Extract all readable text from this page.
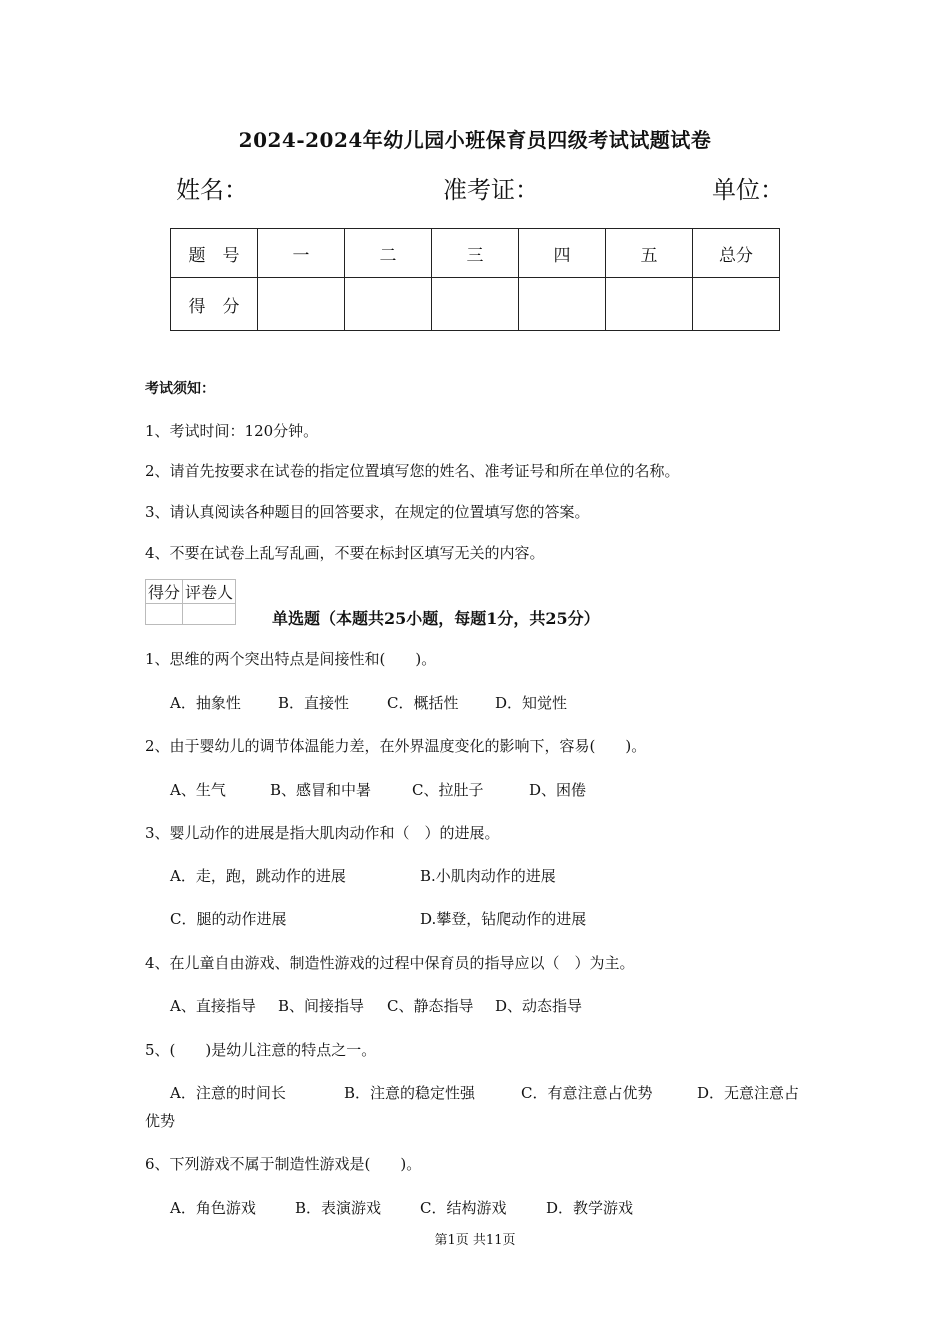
2024-2024年幼儿园小班保育员四级考试试题试卷
姓名：	准考证：	单位：
题　号	一	二	三	四	五	总分
得　分						
考试须知：
1、考试时间：120分钟。
2、请首先按要求在试卷的指定位置填写您的姓名、准考证号和所在单位的名称。
3、请认真阅读各种题目的回答要求，在规定的位置填写您的答案。
4、不要在试卷上乱写乱画，不要在标封区填写无关的内容。
得分	评卷人

单选题（本题共25小题，每题1分，共25分）
1、思维的两个突出特点是间接性和(　　)。
A．抽象性 B．直接性	C．概括性 D．知觉性
2、由于婴幼儿的调节体温能力差，在外界温度变化的影响下，容易(　　)。
A、生气	B、感冒和中暑	C、拉肚子	D、困倦
3、婴儿动作的进展是指大肌肉动作和（　）的进展。
A．走，跑，跳动作的进展	B.小肌肉动作的进展
C．腿的动作进展	D.攀登，钻爬动作的进展
4、在儿童自由游戏、制造性游戏的过程中保育员的指导应以（　）为主。
A、直接指导 B、间接指导 C、静态指导 D、动态指导
5、(　　)是幼儿注意的特点之一。
A．注意的时间长	B．注意的稳定性强	C．有意注意占优势	D．无意注意占
优势
6、下列游戏不属于制造性游戏是(　　)。
A．角色游戏	B．表演游戏	C．结构游戏	D．教学游戏
第1页 共11页
